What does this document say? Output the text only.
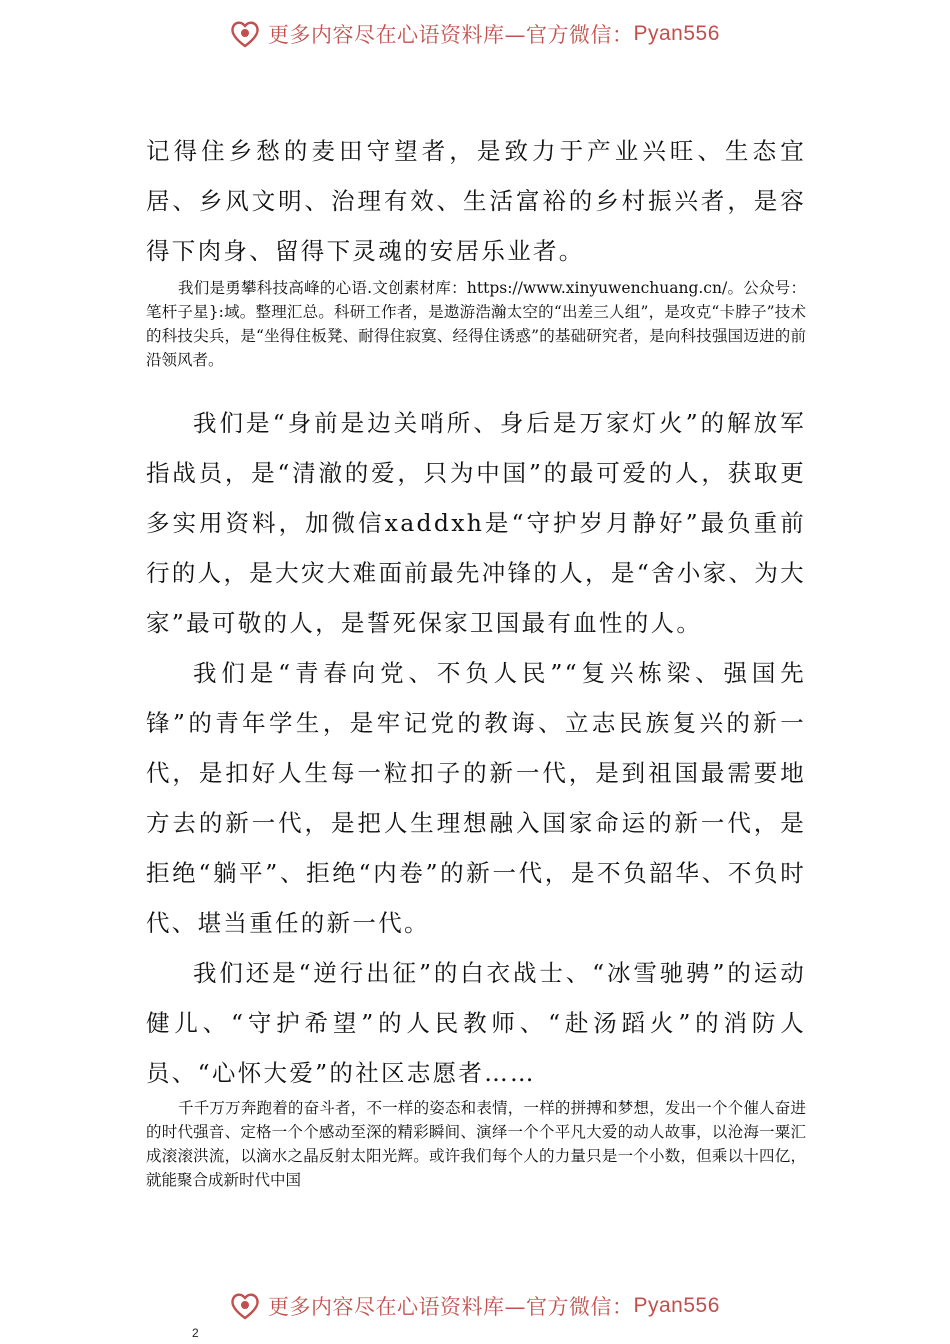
更多内容尽在心语资料库—官方微信： Pyan556

记得住乡愁的麦田守望者，是致力于产业兴旺、生态宜居、乡风文明、治理有效、生活富裕的乡村振兴者，是容得下肉身、留得下灵魂的安居乐业者。

我们是勇攀科技高峰的心语.文创素材库：https://www.xinyuwenchuang.cn/。公众号：笔杆子星}:域。整理汇总。科研工作者，是遨游浩瀚太空的“出差三人组”，是攻克“卡脖子”技术的科技尖兵，是“坐得住板凳、耐得住寂寞、经得住诱惑”的基础研究者，是向科技强国迈进的前沿领风者。

我们是“身前是边关哨所、身后是万家灯火”的解放军指战员，是“清澈的爱，只为中国”的最可爱的人，获取更多实用资料，加微信xaddxh是“守护岁月静好”最负重前行的人，是大灾大难面前最先冲锋的人，是“舍小家、为大家”最可敬的人，是誓死保家卫国最有血性的人。

我们是“青春向党、不负人民”“复兴栋梁、强国先锋”的青年学生，是牢记党的教诲、立志民族复兴的新一代，是扣好人生每一粒扣子的新一代，是到祖国最需要地方去的新一代，是把人生理想融入国家命运的新一代，是拒绝“躺平”、拒绝“内卷”的新一代，是不负韶华、不负时代、堪当重任的新一代。

我们还是“逆行出征”的白衣战士、“冰雪驰骋”的运动健儿、“守护希望”的人民教师、“赴汤蹈火”的消防人员、“心怀大爱”的社区志愿者……

千千万万奔跑着的奋斗者，不一样的姿态和表情，一样的拼搏和梦想，发出一个个催人奋进的时代强音、定格一个个感动至深的精彩瞬间、演绎一个个平凡大爱的动人故事，以沧海一粟汇成滚滚洪流，以滴水之晶反射太阳光辉。或许我们每个人的力量只是一个小数，但乘以十四亿，就能聚合成新时代中国

更多内容尽在心语资料库—官方微信： Pyan556
2
